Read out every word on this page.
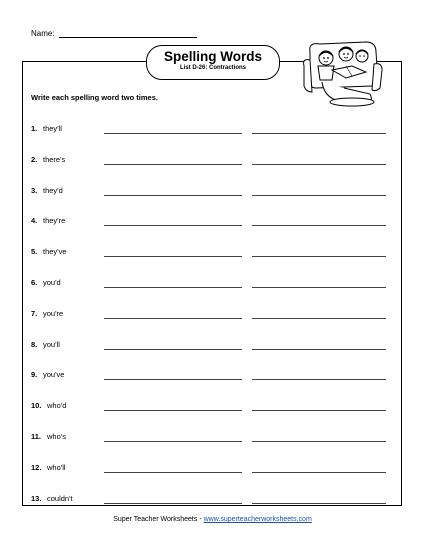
Name:
Spelling Words
List D-26: Contractions
Write each spelling word two times.
1. they'll
2. there's
3. they'd
4. they're
5. they've
6. you'd
7. you're
8. you'll
9. you've
10. who'd
11. who's
12. who'll
13. couldn't
Super Teacher Worksheets - www.superteacherworksheets.com
